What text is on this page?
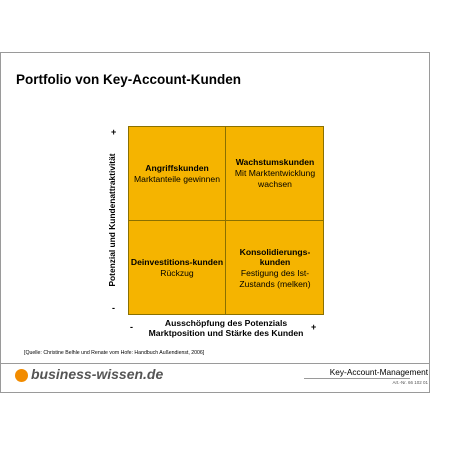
Portfolio von Key-Account-Kunden
+
Potenzial und Kundenattraktivität
-
Angriffskunden
Marktanteile gewinnen
Wachstumskunden
Mit Marktentwicklung wachsen
Deinvestitions-kunden
Rückzug
Konsolidierungs-kunden
Festigung des Ist-Zustands (melken)
-	Ausschöpfung des Potenzials
Marktposition und Stärke des Kunden
+
[Quelle: Christine Belhle und Renate vom Hofe: Handbuch Außendienst, 2006]
business-wissen.de	Key-Account-Management
Art.-Nr. 66 102 01
